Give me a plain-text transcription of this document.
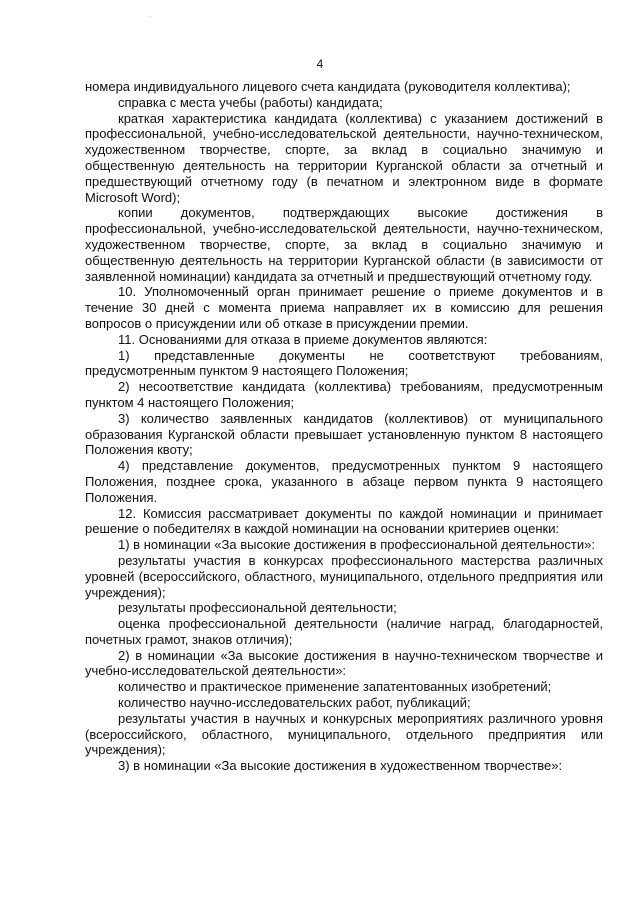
4

номера индивидуального лицевого счета кандидата (руководителя коллектива);

справка с места учебы (работы) кандидата;

краткая характеристика кандидата (коллектива) с указанием достижений в профессиональной, учебно-исследовательской деятельности, научно-техническом, художественном творчестве, спорте, за вклад в социально значимую и общественную деятельность на территории Курганской области за отчетный и предшествующий отчетному году (в печатном и электронном виде в формате Microsoft Word);

копии документов, подтверждающих высокие достижения в профессиональной, учебно-исследовательской деятельности, научно-техническом, художественном творчестве, спорте, за вклад в социально значимую и общественную деятельность на территории Курганской области (в зависимости от заявленной номинации) кандидата за отчетный и предшествующий отчетному году.

10. Уполномоченный орган принимает решение о приеме документов и в течение 30 дней с момента приема направляет их в комиссию для решения вопросов о присуждении или об отказе в присуждении премии.

11. Основаниями для отказа в приеме документов являются:

1) представленные документы не соответствуют требованиям, предусмотренным пунктом 9 настоящего Положения;

2) несоответствие кандидата (коллектива) требованиям, предусмотренным пунктом 4 настоящего Положения;

3) количество заявленных кандидатов (коллективов) от муниципального образования Курганской области превышает установленную пунктом 8 настоящего Положения квоту;

4) представление документов, предусмотренных пунктом 9 настоящего Положения, позднее срока, указанного в абзаце первом пункта 9 настоящего Положения.

12. Комиссия рассматривает документы по каждой номинации и принимает решение о победителях в каждой номинации на основании критериев оценки:

1) в номинации «За высокие достижения в профессиональной деятельности»:

результаты участия в конкурсах профессионального мастерства различных уровней (всероссийского, областного, муниципального, отдельного предприятия или учреждения);

результаты профессиональной деятельности;

оценка профессиональной деятельности (наличие наград, благодарностей, почетных грамот, знаков отличия);

2) в номинации «За высокие достижения в научно-техническом творчестве и учебно-исследовательской деятельности»:

количество и практическое применение запатентованных изобретений;

количество научно-исследовательских работ, публикаций;

результаты участия в научных и конкурсных мероприятиях различного уровня (всероссийского, областного, муниципального, отдельного предприятия или учреждения);

3) в номинации «За высокие достижения в художественном творчестве»:
